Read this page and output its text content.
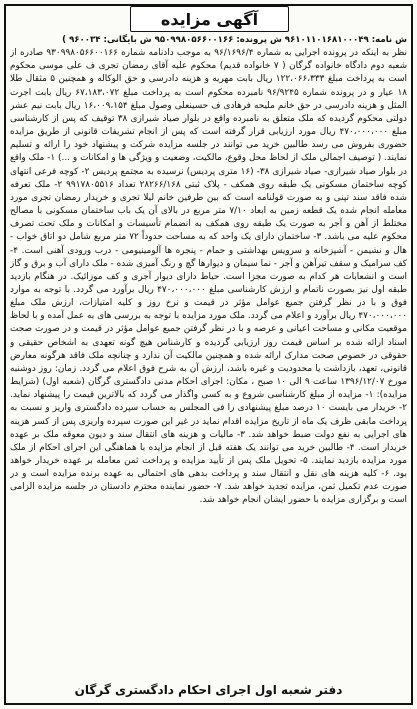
آگهی مزایده
ش نامه: ۹۶۱۰۱۱۰۱۶۸۱۰۰۰۴۹ ش پرونده: ۹۵۰۹۹۸۰۵۶۶۰۰۱۶۶ ش بایگانی: ۹۶۰۰۳۴ )
نظر به اینکه در پرونده اجرایی به شماره ۹۶/۱۶۹۶/۴ به موجب دادنامه شماره ۹۳۰۹۹۸۰۵۶۶۰۰۱۶۶ صادره از شعبه دوم دادگاه خانواده گرگان ( ۷ خانواده قدیم) محکوم علیه آقای رمضان تجری ف علی موسی محکوم است به پرداخت مبلغ ۱۲۲،۰۶۶،۳۳۳ ریال بابت مهریه و هزینه دادرسی و حق الوکاله و همچنین ۵ مثقال طلا ۱۸ عیار و در پرونده شماره ۹۶/۹۲۴۵ نامبرده محکوم است به پرداخت مبلغ ۶۷،۱۸۳،۰۷۲ ریال بابت اجرت المثل و هزینه دادرسی در حق خانم ملیحه فرهادی ف حسینعلی وصول مبلغ ۱۶،۰۰۹،۱۵۴ ریال بابت نیم عشر دولتی محکوم گردیده که ملک متعلق به نامبرده واقع در بلوار صیاد شیرازی ۳۸ توقیف که پس از کارشناسی مبلغ ۴۷۰،۰۰۰،۰۰۰ ریال مورد ارزیابی قرار گرفته است که پس از انجام تشریفات قانونی از طریق مزایده حضوری بفروش می رسد طالبین خرید می توانند در جلسه مزایده شرکت و پیشنهاد خود را ارائه و تسلیم نمایند. ( توصیف اجمالی ملک از لحاظ محل وقوع، مالکیت، وضعیت و ویژگی ها و امکانات و ...) ۱- ملک واقع در بلوار صیاد شیرازی- صیاد شیرازی ۳۸- (۱۶ متری پردیس) نرسیده به مجتمع پردیس ۲- کوچه فرعی انتهای کوچه ساختمان مسکونی یک طبقه روی همکف - پلاک ثبتی ۲۸۲۶۶/۱۶۸ تعداد ۹۹۱۷۸۰۵۵۱۶ ۲- ملک تعرفه شده فاقد سند تپنی و به صورت قولنامه است که بین طرفین خانم لیلا تجری و خریدار رمضان تجری مورد معامله انجام شده یک قطعه زمین به ابعاد ۷/۱۰ متر مربع در بالای آن یک باب ساختمان مسکونی با مصالح مختلط از آهن و آجر به صورت یک طبقه روی همکف به انضمام تأسیسات و امکانات و ملک تحت تصرف محکوم علیه می باشد. ۳- ساختمان دارای یک واحد که به مساحت حدوداً ۷۲ متر مربع شامل دو اتاق خواب - هال و نشیمن - آشپزخانه و سرویس بهداشتی و حمام - پنجره ها آلومینیومی - درب ورودی آهنی است. ۴- کف سرامیک و سقف تیرآهن و آجر - نما سیمان و دیوارها گچ و رنگ آمیزی شده - ملک دارای آب و برق و گاز است و انشعابات هر کدام به صورت مجزا است. حیاط دارای دیوار آجری و کف موزائیک. در هنگام بازدید طبقه اول نیز بصورت ناتمام و ارزش کارشناسی مبلغ ۴۷۰،۰۰۰،۰۰۰ ریال برآورد می گردد. با توجه به موارد فوق و با در نظر گرفتن جمیع عوامل مؤثر در قیمت و نرخ روز و کلیه امتیازات، ارزش ملک مبلغ ۴۷۰،۰۰۰،۰۰۰ ریال برآورد و اعلام می گردد. ملک مورد مزایده با توجه به بررسی های به عمل آمده و با لحاظ موقعیت مکانی و مساحت اعیانی و عرصه و با در نظر گرفتن جمیع عوامل مؤثر در قیمت و در صورت صحت اسناد ارائه شده بر اساس قیمت روز ارزیابی گردیده و کارشناس هیچ گونه تعهدی به اشخاص حقیقی و حقوقی در خصوص صحت مدارک ارائه شده و همچنین مالکیت آن ندارد و چنانچه ملک فاقد هرگونه معارض قانونی، تعهد، بازداشت یا محدودیت و غیره باشد، ارزش آن به شرح فوق اعلام می گردد. زمان: روز دوشنبه مورخ ۱۳۹۶/۱۲/۰۷ ساعت ۹ الی ۱۰ صبح ، مکان: اجرای احکام مدنی دادگستری گرگان (شعبه اول) (شرایط مزایده): ۱- مزایده از مبلغ کارشناسی شروع و به کسی واگذار می گردد که بالاترین قیمت را پیشنهاد نماید. ۲- خریدار می بایست ۱۰ درصد مبلغ پیشنهادی را فی المجلس به حساب سپرده دادگستری واریز و نسبت به پرداخت مابقی ظرف یک ماه از تاریخ مزایده اقدام نماید در غیر این صورت سپرده واریزی پس از کسر هزینه های اجرایی به نفع دولت ضبط خواهد شد. ۳- مالیات و هزینه های انتقال سند و دیون معوقه ملک بر عهده خریدار است. ۴- طالبین خرید می توانند یک هفته قبل از انجام مزایده با هماهنگی این اجرای احکام از ملک مورد مزایده بازدید نمایند. ۵- تحویل ملک پس از تأیید مزایده و پرداخت ثمن معامله بر عهده خریدار خواهد بود. ۶- کلیه هزینه های نقل و انتقال سند و پرداخت بدهی های احتمالی به عهده برنده مزایده است و در صورت عدم تکمیل ثمن، مزایده تجدید خواهد شد. ۷- حضور نماینده محترم دادستان در جلسه مزایده الزامی است و برگزاری مزایده با حضور ایشان انجام خواهد شد.
دفتر شعبه اول اجرای احکام دادگستری گرگان
